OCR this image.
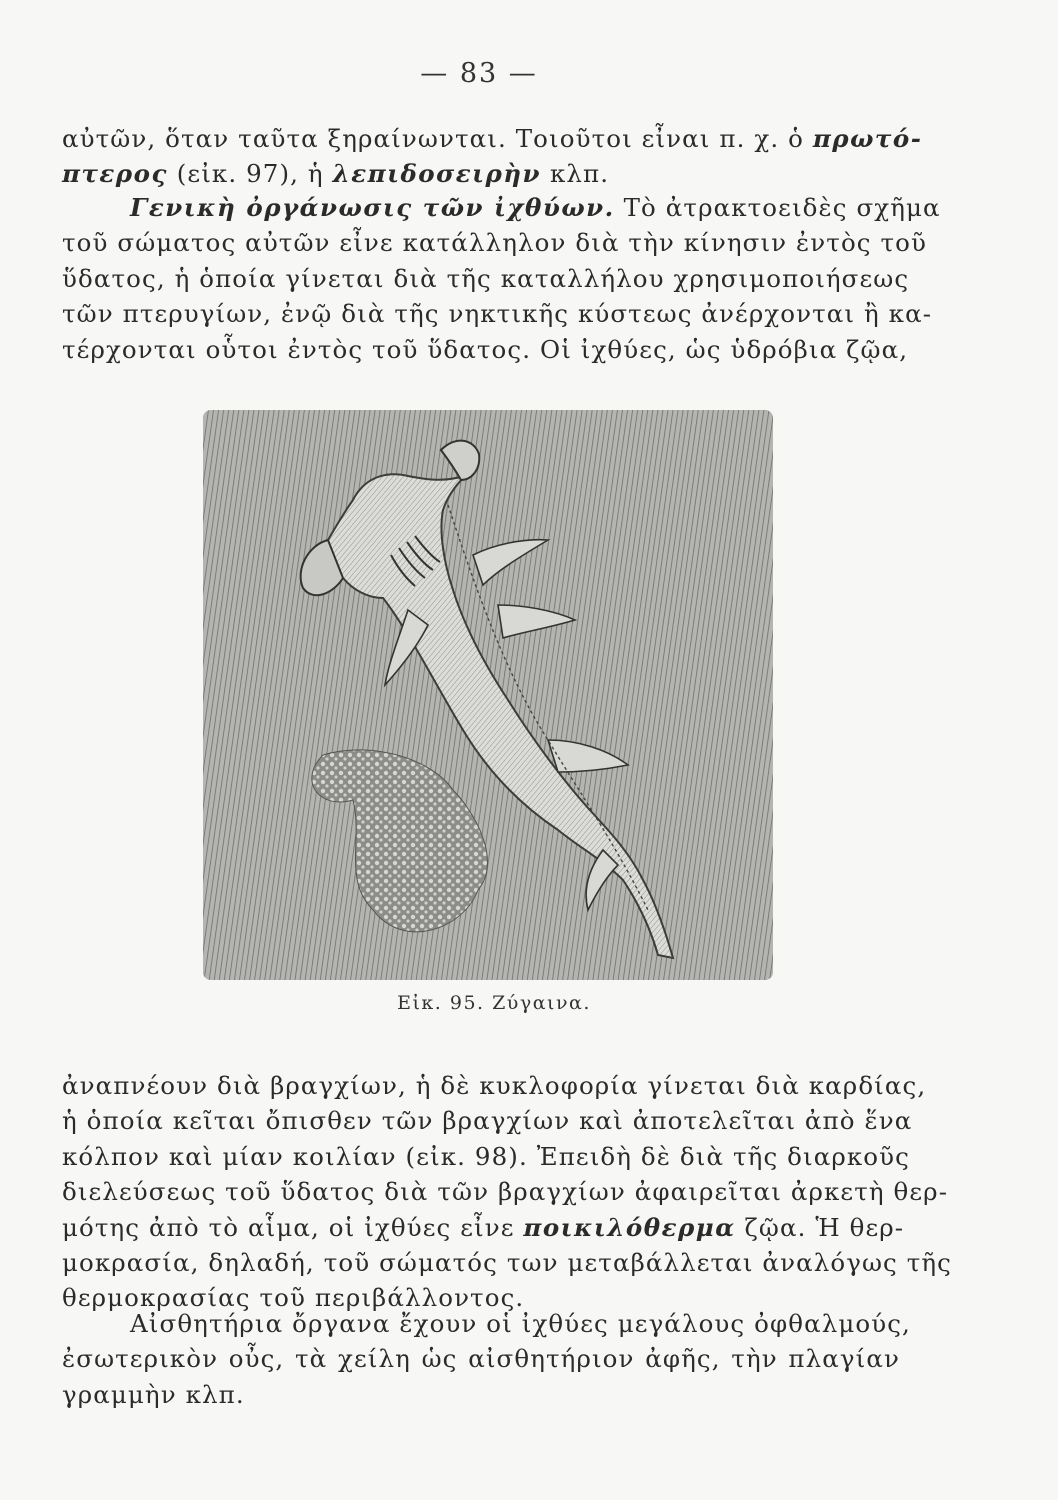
— 83 —
αὐτῶν, ὅταν ταῦτα ξηραίνωνται. Τοιοῦτοι εἶναι π. χ. ὁ πρωτό-
πτερος (εἰκ. 97), ἡ λεπιδοσειρὴν κλπ.
Γενικὴ ὀργάνωσις τῶν ἰχθύων. Τὸ ἀτρακτοειδὲς σχῆμα
τοῦ σώματος αὐτῶν εἶνε κατάλληλον διὰ τὴν κίνησιν ἐντὸς τοῦ
ὕδατος, ἡ ὁποία γίνεται διὰ τῆς καταλλήλου χρησιμοποιήσεως
τῶν πτερυγίων, ἐνῷ διὰ τῆς νηκτικῆς κύστεως ἀνέρχονται ἢ κα-
τέρχονται οὗτοι ἐντὸς τοῦ ὕδατος. Οἱ ἰχθύες, ὡς ὑδρόβια ζῷα,
Εἰκ. 95. Ζύγαινα.
ἀναπνέουν διὰ βραγχίων, ἡ δὲ κυκλοφορία γίνεται διὰ καρδίας,
ἡ ὁποία κεῖται ὄπισθεν τῶν βραγχίων καὶ ἀποτελεῖται ἀπὸ ἕνα
κόλπον καὶ μίαν κοιλίαν (εἰκ. 98). Ἐπειδὴ δὲ διὰ τῆς διαρκοῦς
διελεύσεως τοῦ ὕδατος διὰ τῶν βραγχίων ἀφαιρεῖται ἀρκετὴ θερ-
μότης ἀπὸ τὸ αἷμα, οἱ ἰχθύες εἶνε ποικιλόθερμα ζῷα. Ἡ θερ-
μοκρασία, δηλαδή, τοῦ σώματός των μεταβάλλεται ἀναλόγως τῆς
θερμοκρασίας τοῦ περιβάλλοντος.
Αἰσθητήρια ὄργανα ἔχουν οἱ ἰχθύες μεγάλους ὀφθαλμούς,
ἐσωτερικὸν οὖς, τὰ χείλη ὡς αἰσθητήριον ἀφῆς, τὴν πλαγίαν
γραμμὴν κλπ.
